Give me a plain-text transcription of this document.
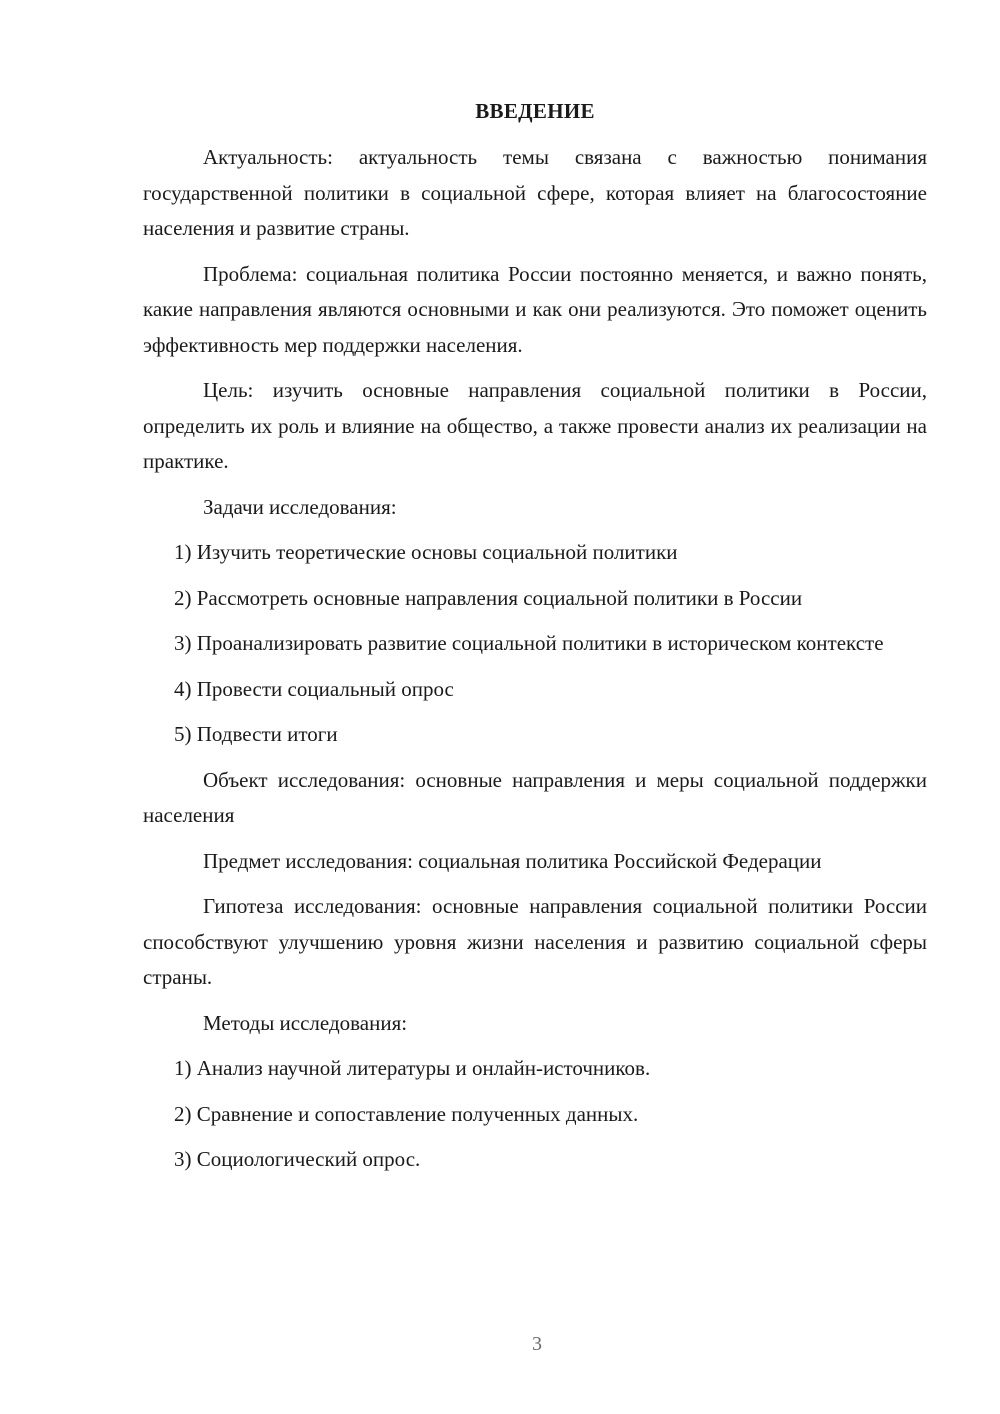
ВВЕДЕНИЕ

Актуальность: актуальность темы связана с важностью понимания государственной политики в социальной сфере, которая влияет на благосостояние населения и развитие страны.

Проблема: социальная политика России постоянно меняется, и важно понять, какие направления являются основными и как они реализуются. Это поможет оценить эффективность мер поддержки населения.

Цель: изучить основные направления социальной политики в России, определить их роль и влияние на общество, а также провести анализ их реализации на практике.

Задачи исследования:

1) Изучить теоретические основы социальной политики

2) Рассмотреть основные направления социальной политики в России

3) Проанализировать развитие социальной политики в историческом контексте

4) Провести социальный опрос

5) Подвести итоги

Объект исследования: основные направления и меры социальной поддержки населения

Предмет исследования: социальная политика Российской Федерации

Гипотеза исследования: основные направления социальной политики России способствуют улучшению уровня жизни населения и развитию социальной сферы страны.

Методы исследования:

1) Анализ научной литературы и онлайн-источников.

2) Сравнение и сопоставление полученных данных.

3) Социологический опрос.

3
